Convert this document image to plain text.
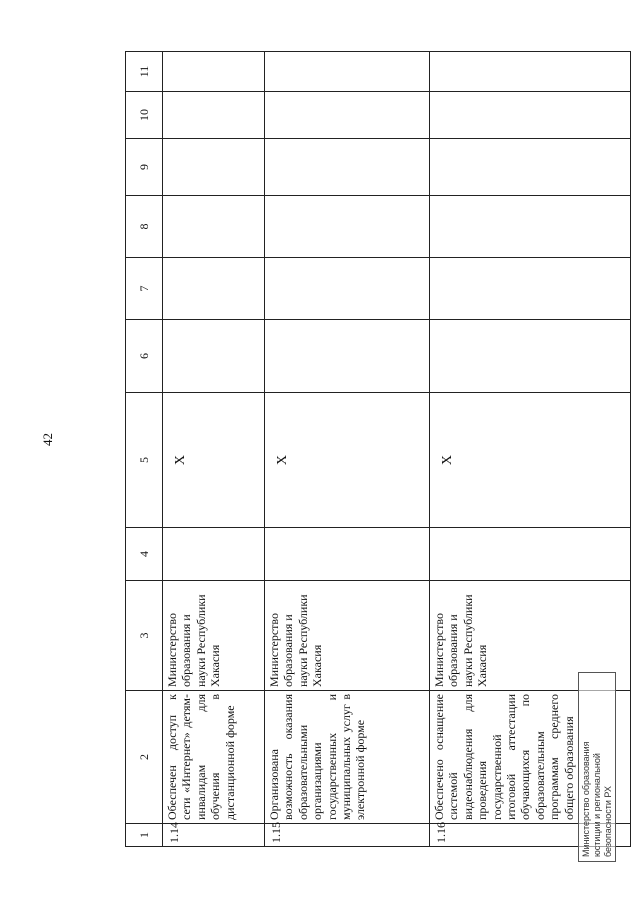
42
1	2	3	4	5	6	7	8	9	10	11
1.14	Обеспечен доступ к сети «Интернет» детям-инвалидам для обучения в дистанционной форме	Министерство образования и науки Республики Хакасия		Х						
1.15	Организована возможность оказания образовательными организациями государственных и муниципальных услуг в электронной форме	Министерство образования и науки Республики Хакасия		Х						
1.16	Обеспечено оснащение системой видеонаблюдения для проведения государственной итоговой аттестации обучающихся по образовательным программам среднего общего образования	Министерство образования и науки Республики Хакасия		Х						
Министерство образования юстиции и региональной безопасности РХ
